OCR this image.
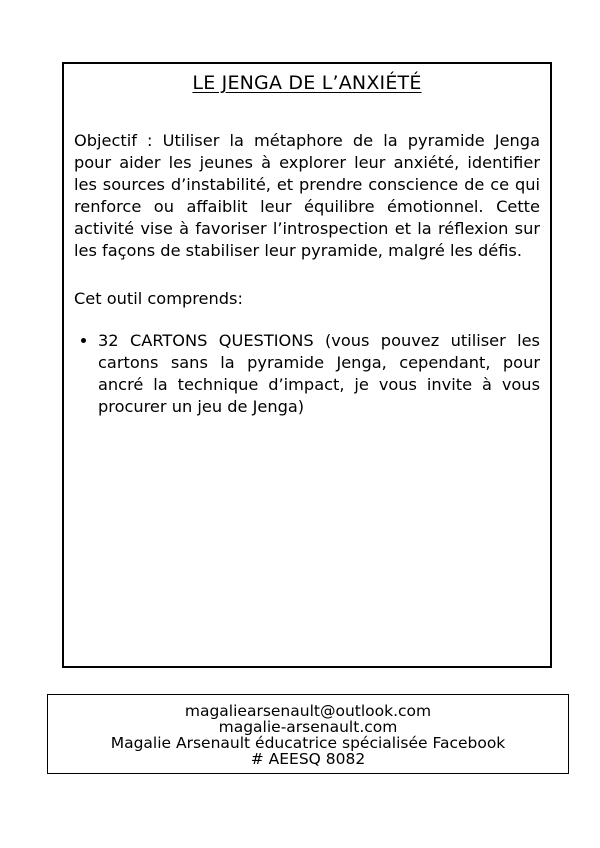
LE JENGA DE L’ANXIÉTÉ

Objectif : Utiliser la métaphore de la pyramide Jenga pour aider les jeunes à explorer leur anxiété, identifier les sources d’instabilité, et prendre conscience de ce qui renforce ou affaiblit leur équilibre émotionnel. Cette activité vise à favoriser l’introspection et la réflexion sur les façons de stabiliser leur pyramide, malgré les défis.

Cet outil comprends:

• 32 CARTONS QUESTIONS (vous pouvez utiliser les cartons sans la pyramide Jenga, cependant, pour ancré la technique d’impact, je vous invite à vous procurer un jeu de Jenga)
magaliearsenault@outlook.com
magalie-arsenault.com
Magalie Arsenault éducatrice spécialisée Facebook
# AEESQ 8082
